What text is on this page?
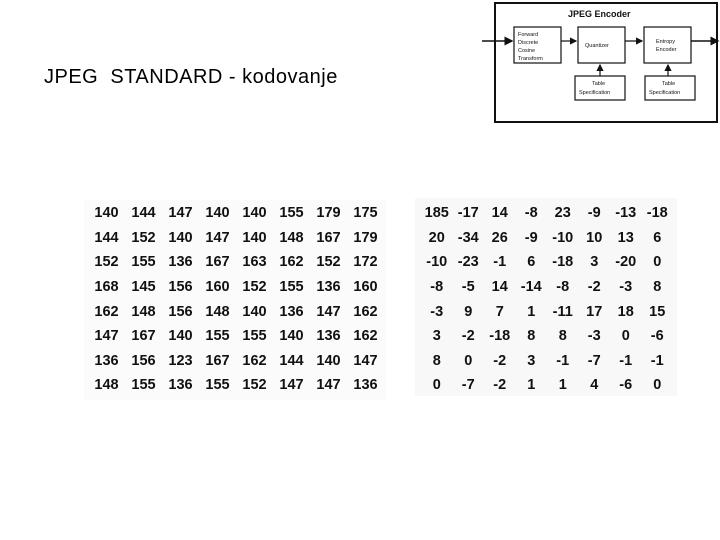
JPEG  STANDARD - kodovanje
JPEG Encoder
Forward
Discrete
Cosine
Transform
Quantizer
Entropy
Encoder
Table
Specification
Table
Specification
140	144	147	140	140	155	179	175
144	152	140	147	140	148	167	179
152	155	136	167	163	162	152	172
168	145	156	160	152	155	136	160
162	148	156	148	140	136	147	162
147	167	140	155	155	140	136	162
136	156	123	167	162	144	140	147
148	155	136	155	152	147	147	136
185	-17	14	-8	23	-9	-13	-18
20	-34	26	-9	-10	10	13	6
-10	-23	-1	6	-18	3	-20	0
-8	-5	14	-14	-8	-2	-3	8
-3	9	7	1	-11	17	18	15
3	-2	-18	8	8	-3	0	-6
8	0	-2	3	-1	-7	-1	-1
0	-7	-2	1	1	4	-6	0
